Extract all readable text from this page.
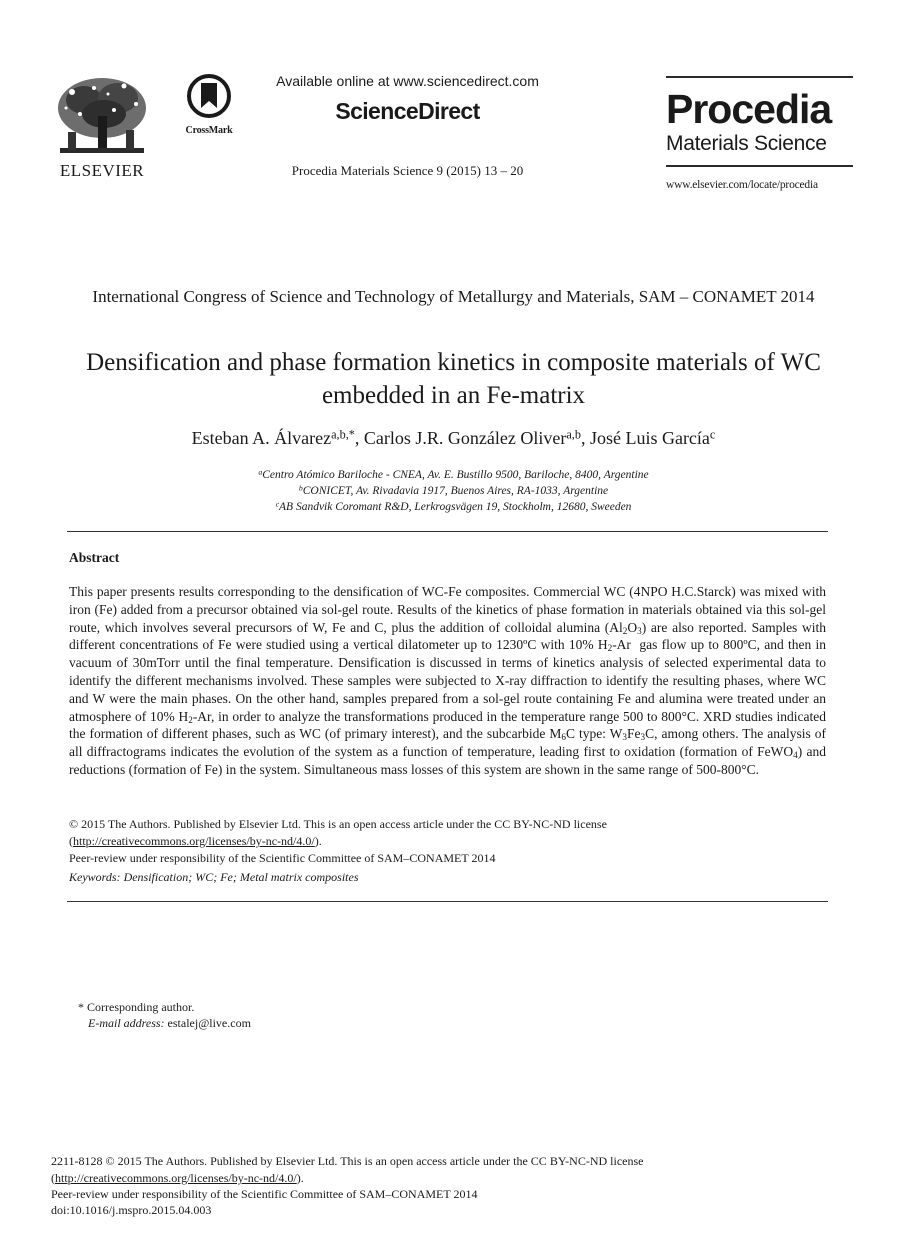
ELSEVIER
CrossMark
Available online at www.sciencedirect.com
ScienceDirect
Procedia Materials Science 9 (2015) 13 – 20
Procedia
Materials Science
www.elsevier.com/locate/procedia
International Congress of Science and Technology of Metallurgy and Materials, SAM – CONAMET 2014
Densification and phase formation kinetics in composite materials of WC embedded in an Fe-matrix
Esteban A. Álvarez$^{a,b,*}$, Carlos J.R. González Oliver$^{a,b}$, José Luis García$^c$
$^a$Centro Atómico Bariloche - CNEA, Av. E. Bustillo 9500, Bariloche, 8400, Argentine
$^b$CONICET, Av. Rivadavia 1917, Buenos Aires, RA-1033, Argentine
$^c$AB Sandvik Coromant R&D, Lerkrogsvägen 19, Stockholm, 12680, Sweeden
Abstract
This paper presents results corresponding to the densification of WC-Fe composites. Commercial WC (4NPO H.C.Starck) was mixed with iron (Fe) added from a precursor obtained via sol-gel route. Results of the kinetics of phase formation in materials obtained via this sol-gel route, which involves several precursors of W, Fe and C, plus the addition of colloidal alumina $(Al_2O_3)$ are also reported. Samples with different concentrations of Fe were studied using a vertical dilatometer up to 1230ºC with 10% $H_2-Ar$  gas flow up to 800ºC, and then in vacuum of 30mTorr until the final temperature. Densification is discussed in terms of kinetics analysis of selected experimental data to identify the different mechanisms involved. These samples were subjected to X-ray diffraction to identify the resulting phases, where WC and W were the main phases. On the other hand, samples prepared from a sol-gel route containing Fe and alumina were treated under an atmosphere of 10% $H_2-Ar$, in order to analyze the transformations produced in the temperature range 500 to 800°C. XRD studies indicated the formation of different phases, such as WC (of primary interest), and the subcarbide $M_6C$ type: $W_3Fe_3C$, among others. The analysis of all diffractograms indicates the evolution of the system as a function of temperature, leading first to oxidation (formation of FeWO$_4$) and reductions (formation of Fe) in the system. Simultaneous mass losses of this system are shown in the same range of 500-800°C.
© 2015 The Authors. Published by Elsevier Ltd. This is an open access article under the CC BY-NC-ND license
(http://creativecommons.org/licenses/by-nc-nd/4.0/).
Peer-review under responsibility of the Scientific Committee of SAM–CONAMET 2014
Keywords: Densification; WC; Fe; Metal matrix composites
* Corresponding author.
E-mail address: estalej@live.com
2211-8128 © 2015 The Authors. Published by Elsevier Ltd. This is an open access article under the CC BY-NC-ND license
(http://creativecommons.org/licenses/by-nc-nd/4.0/).
Peer-review under responsibility of the Scientific Committee of SAM–CONAMET 2014
doi:10.1016/j.mspro.2015.04.003
